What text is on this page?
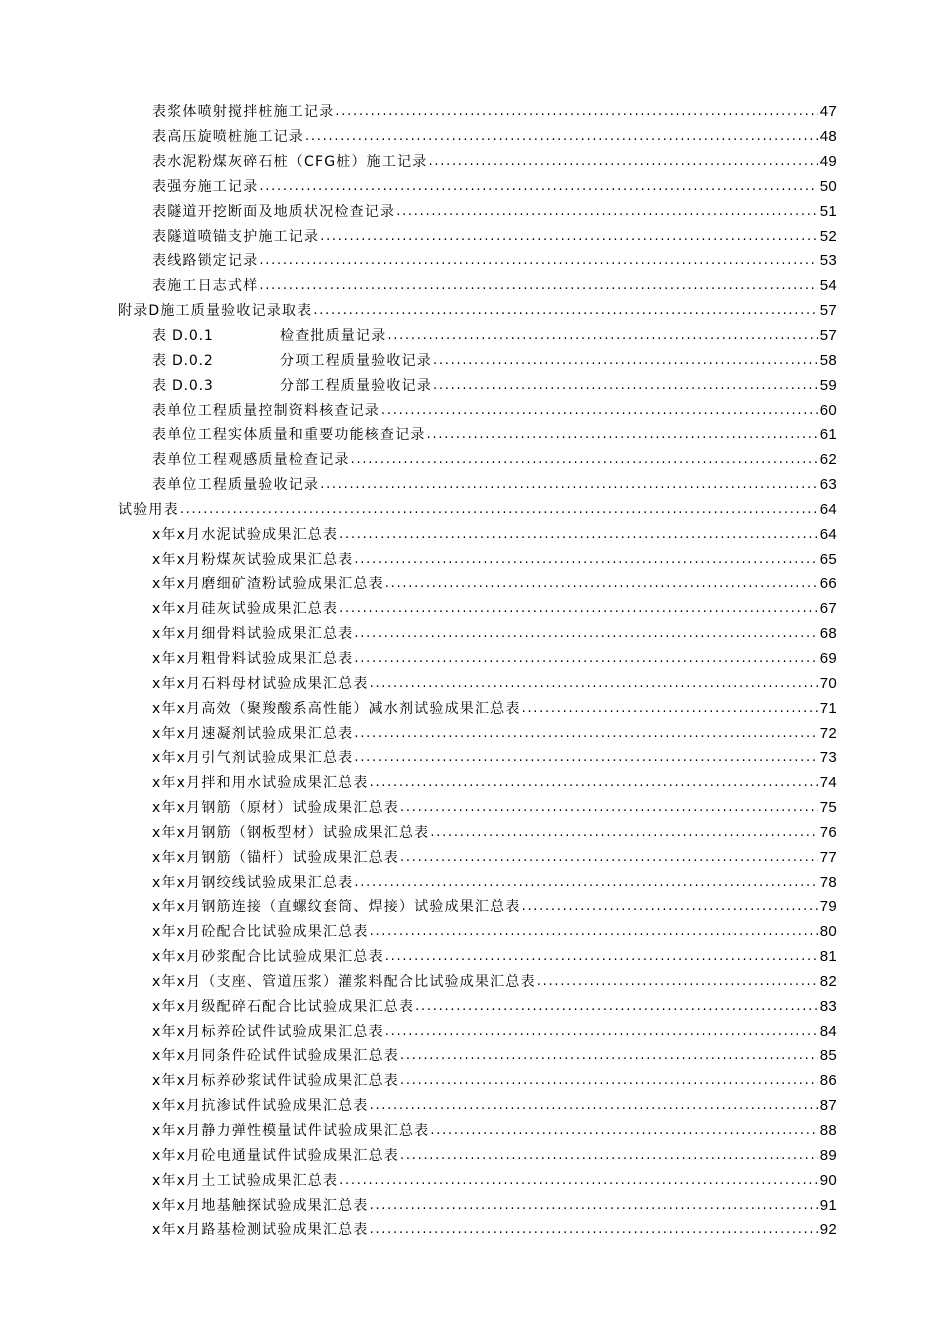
表浆体喷射搅拌桩施工记录 . . .	47
表高压旋喷桩施工记录 . . .	48
表水泥粉煤灰碎石桩（CFG桩）施工记录 . . .	49
表强夯施工记录 . . .	50
表隧道开挖断面及地质状况检查记录 . . .	51
表隧道喷锚支护施工记录 . . .	52
表线路锁定记录 . . .	53
表施工日志式样 . . .	54
附录D施工质量验收记录取表 . . .	57
表 D.0.1	检查批质量记录 . . .	57
表 D.0.2	分项工程质量验收记录 . . .	58
表 D.0.3	分部工程质量验收记录 . . .	59
表单位工程质量控制资料核查记录 . . .	60
表单位工程实体质量和重要功能核查记录 . . .	61
表单位工程观感质量检查记录 . . .	62
表单位工程质量验收记录 . . .	63
试验用表 . . .	64
x年x月水泥试验成果汇总表 . . .	64
x年x月粉煤灰试验成果汇总表 . . .	65
x年x月磨细矿渣粉试验成果汇总表 . . .	66
x年x月硅灰试验成果汇总表 . . .	67
x年x月细骨料试验成果汇总表 . . .	68
x年x月粗骨料试验成果汇总表 . . .	69
x年x月石料母材试验成果汇总表 . . .	70
x年x月高效（聚羧酸系高性能）减水剂试验成果汇总表 . . .	71
x年x月速凝剂试验成果汇总表 . . .	72
x年x月引气剂试验成果汇总表 . . .	73
x年x月拌和用水试验成果汇总表 . . .	74
x年x月钢筋（原材）试验成果汇总表 . . .	75
x年x月钢筋（钢板型材）试验成果汇总表 . . .	76
x年x月钢筋（锚杆）试验成果汇总表 . . .	77
x年x月钢绞线试验成果汇总表 . . .	78
x年x月钢筋连接（直螺纹套筒、焊接）试验成果汇总表 . . .	79
x年x月砼配合比试验成果汇总表 . . .	80
x年x月砂浆配合比试验成果汇总表 . . .	81
x年x月（支座、管道压浆）灌浆料配合比试验成果汇总表 . . .	82
x年x月级配碎石配合比试验成果汇总表 . . .	83
x年x月标养砼试件试验成果汇总表 . . .	84
x年x月同条件砼试件试验成果汇总表 . . .	85
x年x月标养砂浆试件试验成果汇总表 . . .	86
x年x月抗渗试件试验成果汇总表 . . .	87
x年x月静力弹性模量试件试验成果汇总表 . . .	88
x年x月砼电通量试件试验成果汇总表 . . .	89
x年x月土工试验成果汇总表 . . .	90
x年x月地基触探试验成果汇总表 . . .	91
x年x月路基检测试验成果汇总表 . . .	92
